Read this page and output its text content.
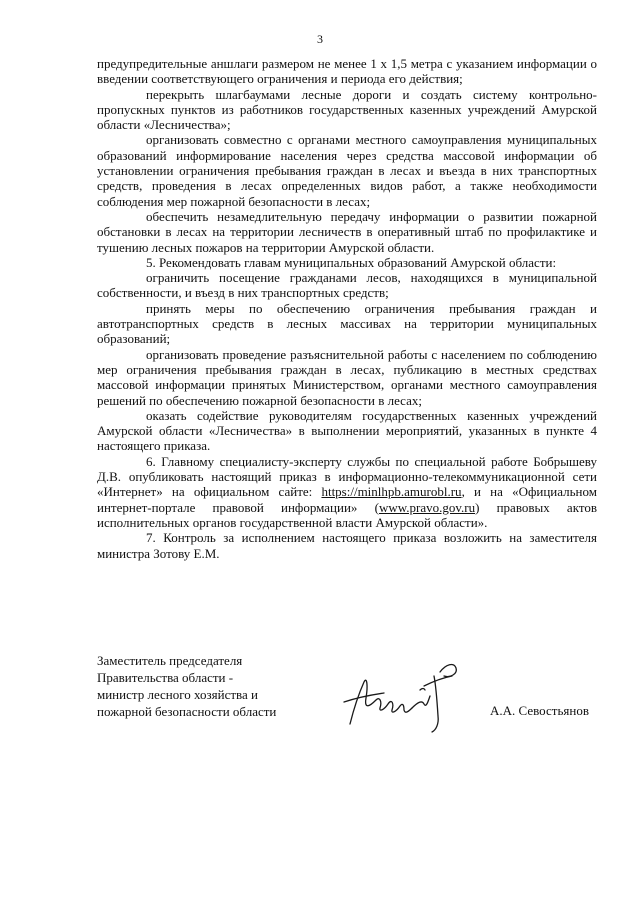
3

предупредительные аншлаги размером не менее 1 х 1,5 метра с указанием информации о введении соответствующего ограничения и периода его действия;

перекрыть шлагбаумами лесные дороги и создать систему контрольно-пропускных пунктов из работников государственных казенных учреждений Амурской области «Лесничества»;

организовать совместно с органами местного самоуправления муниципальных образований информирование населения через средства массовой информации об установлении ограничения пребывания граждан в лесах и въезда в них транспортных средств, проведения в лесах определенных видов работ, а также необходимости соблюдения мер пожарной безопасности в лесах;

обеспечить незамедлительную передачу информации о развитии пожарной обстановки в лесах на территории лесничеств в оперативный штаб по профилактике и тушению лесных пожаров на территории Амурской области.

5. Рекомендовать главам муниципальных образований Амурской области:

ограничить посещение гражданами лесов, находящихся в муниципальной собственности, и въезд в них транспортных средств;

принять меры по обеспечению ограничения пребывания граждан и автотранспортных средств в лесных массивах на территории муниципальных образований;

организовать проведение разъяснительной работы с населением по соблюдению мер ограничения пребывания граждан в лесах, публикацию в местных средствах массовой информации принятых Министерством, органами местного самоуправления решений по обеспечению пожарной безопасности в лесах;

оказать содействие руководителям государственных казенных учреждений Амурской области «Лесничества» в выполнении мероприятий, указанных в пункте 4 настоящего приказа.

6. Главному специалисту-эксперту службы по специальной работе Бобрышеву Д.В. опубликовать настоящий приказ в информационно-телекоммуникационной сети «Интернет» на официальном сайте: https://minlhpb.amurobl.ru, и на «Официальном интернет-портале правовой информации» (www.pravo.gov.ru) правовых актов исполнительных органов государственной власти Амурской области».

7. Контроль за исполнением настоящего приказа возложить на заместителя министра Зотову Е.М.

Заместитель председателя
Правительства области -
министр лесного хозяйства и
пожарной безопасности области	А.А. Севостьянов
